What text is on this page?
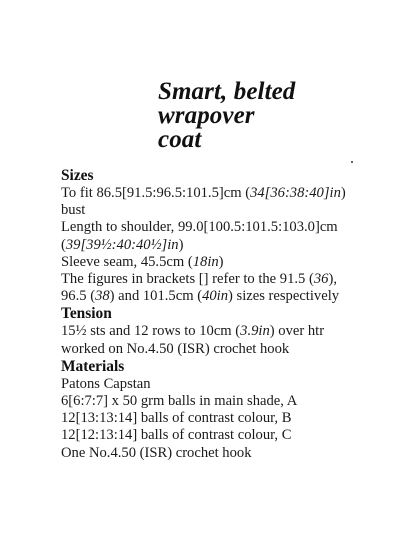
Smart, belted
wrapover
coat
Sizes
To fit 86.5[91.5:96.5:101.5]cm (34[36:38:40]in)
bust
Length to shoulder, 99.0[100.5:101.5:103.0]cm
(39[39½:40:40½]in)
Sleeve seam, 45.5cm (18in)
The figures in brackets [] refer to the 91.5 (36),
96.5 (38) and 101.5cm (40in) sizes respectively
Tension
15½ sts and 12 rows to 10cm (3.9in) over htr
worked on No.4.50 (ISR) crochet hook
Materials
Patons Capstan
6[6:7:7] x 50 grm balls in main shade, A
12[13:13:14] balls of contrast colour, B
12[12:13:14] balls of contrast colour, C
One No.4.50 (ISR) crochet hook
